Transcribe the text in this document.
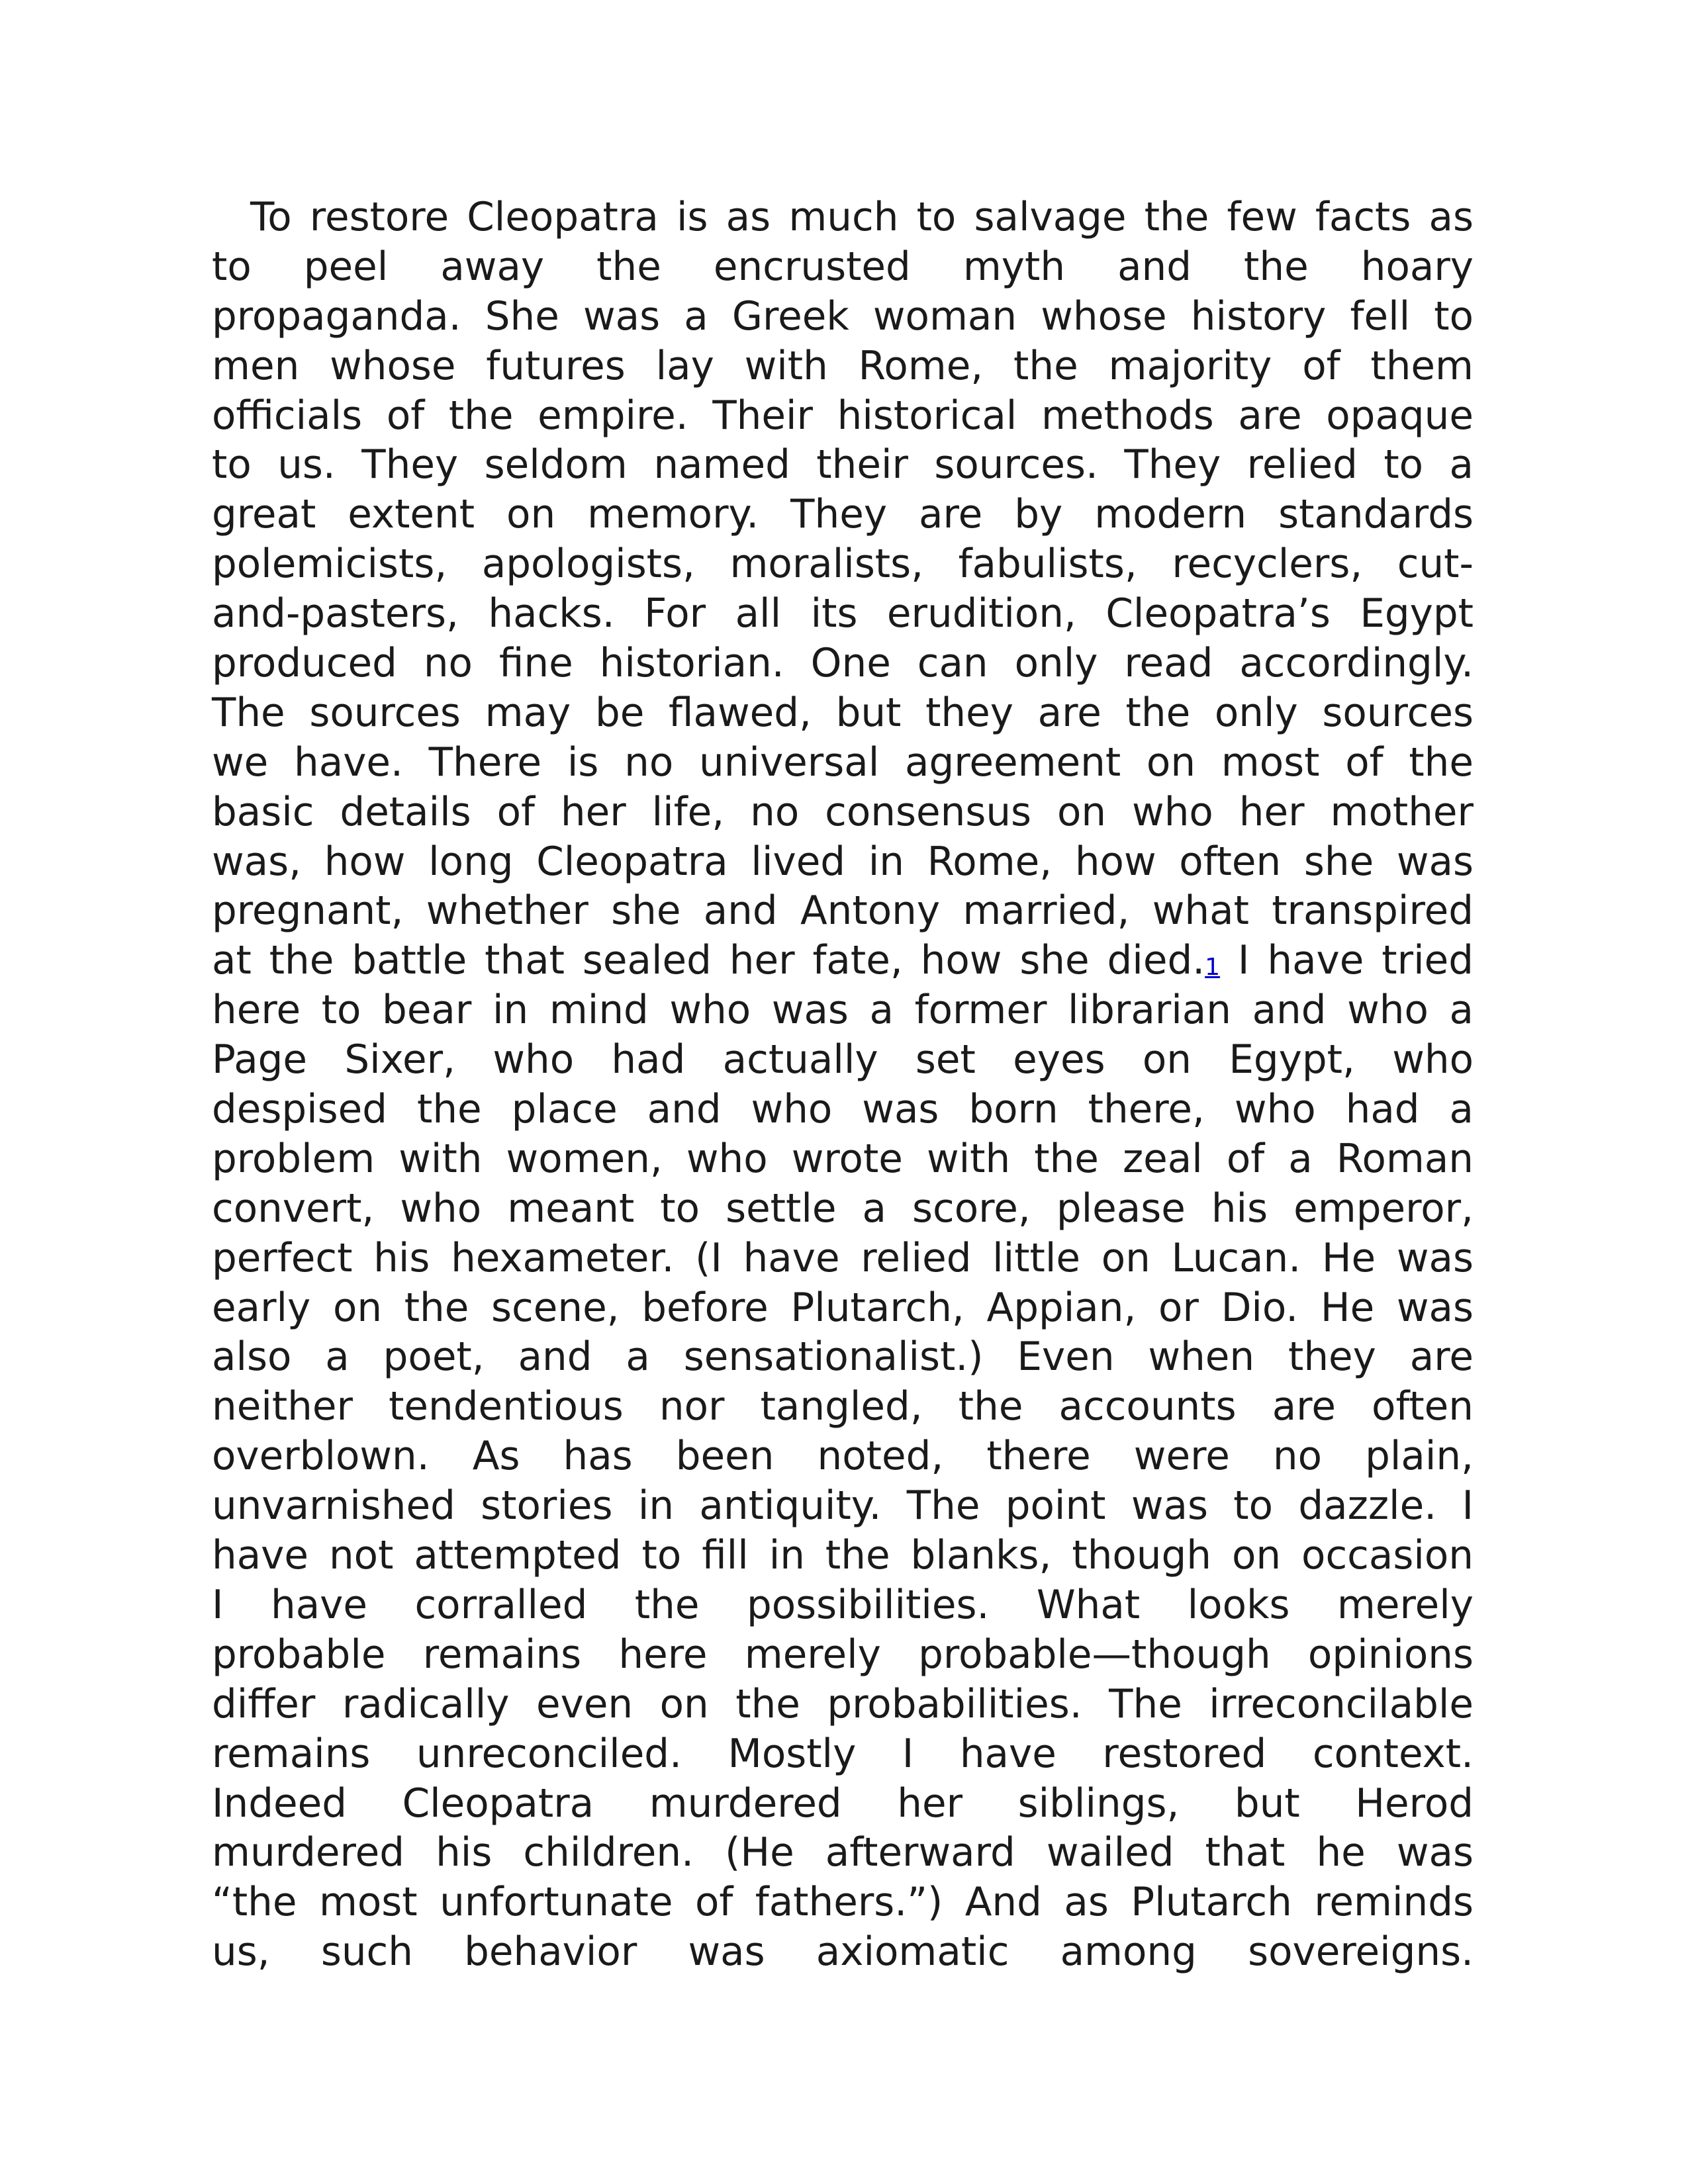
To restore Cleopatra is as much to salvage the few facts as
to peel away the encrusted myth and the hoary
propaganda. She was a Greek woman whose history fell to
men whose futures lay with Rome, the majority of them
officials of the empire. Their historical methods are opaque
to us. They seldom named their sources. They relied to a
great extent on memory. They are by modern standards
polemicists, apologists, moralists, fabulists, recyclers, cut-
and-pasters, hacks. For all its erudition, Cleopatra’s Egypt
produced no fine historian. One can only read accordingly.
The sources may be flawed, but they are the only sources
we have. There is no universal agreement on most of the
basic details of her life, no consensus on who her mother
was, how long Cleopatra lived in Rome, how often she was
pregnant, whether she and Antony married, what transpired
at the battle that sealed her fate, how she died.1 I have tried
here to bear in mind who was a former librarian and who a
Page Sixer, who had actually set eyes on Egypt, who
despised the place and who was born there, who had a
problem with women, who wrote with the zeal of a Roman
convert, who meant to settle a score, please his emperor,
perfect his hexameter. (I have relied little on Lucan. He was
early on the scene, before Plutarch, Appian, or Dio. He was
also a poet, and a sensationalist.) Even when they are
neither tendentious nor tangled, the accounts are often
overblown. As has been noted, there were no plain,
unvarnished stories in antiquity. The point was to dazzle. I
have not attempted to fill in the blanks, though on occasion
I have corralled the possibilities. What looks merely
probable remains here merely probable—though opinions
differ radically even on the probabilities. The irreconcilable
remains unreconciled. Mostly I have restored context.
Indeed Cleopatra murdered her siblings, but Herod
murdered his children. (He afterward wailed that he was
“the most unfortunate of fathers.”) And as Plutarch reminds
us, such behavior was axiomatic among sovereigns.
